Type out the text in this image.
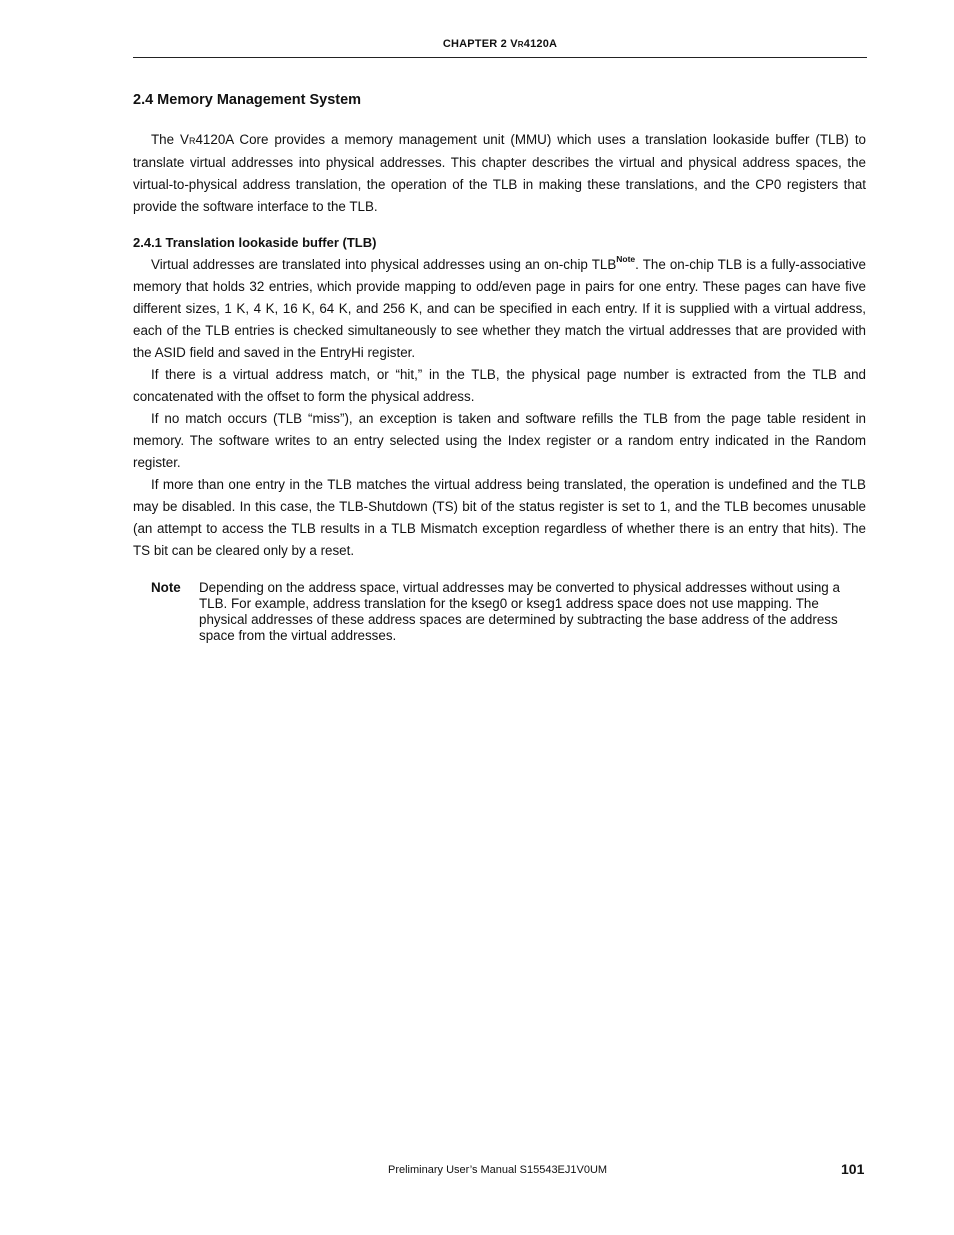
CHAPTER 2 VR4120A
2.4 Memory Management System

The VR4120A Core provides a memory management unit (MMU) which uses a translation lookaside buffer (TLB) to translate virtual addresses into physical addresses. This chapter describes the virtual and physical address spaces, the virtual-to-physical address translation, the operation of the TLB in making these translations, and the CP0 registers that provide the software interface to the TLB.

2.4.1 Translation lookaside buffer (TLB)

Virtual addresses are translated into physical addresses using an on-chip TLB$^{Note}$. The on-chip TLB is a fully-associative memory that holds 32 entries, which provide mapping to odd/even page in pairs for one entry. These pages can have five different sizes, 1 K, 4 K, 16 K, 64 K, and 256 K, and can be specified in each entry. If it is supplied with a virtual address, each of the TLB entries is checked simultaneously to see whether they match the virtual addresses that are provided with the ASID field and saved in the EntryHi register.

If there is a virtual address match, or “hit,” in the TLB, the physical page number is extracted from the TLB and concatenated with the offset to form the physical address.

If no match occurs (TLB “miss”), an exception is taken and software refills the TLB from the page table resident in memory. The software writes to an entry selected using the Index register or a random entry indicated in the Random register.

If more than one entry in the TLB matches the virtual address being translated, the operation is undefined and the TLB may be disabled. In this case, the TLB-Shutdown (TS) bit of the status register is set to 1, and the TLB becomes unusable (an attempt to access the TLB results in a TLB Mismatch exception regardless of whether there is an entry that hits). The TS bit can be cleared only by a reset.

Note	Depending on the address space, virtual addresses may be converted to physical addresses without using a TLB. For example, address translation for the kseg0 or kseg1 address space does not use mapping. The physical addresses of these address spaces are determined by subtracting the base address of the address space from the virtual addresses.
Preliminary User’s Manual S15543EJ1V0UM	101
